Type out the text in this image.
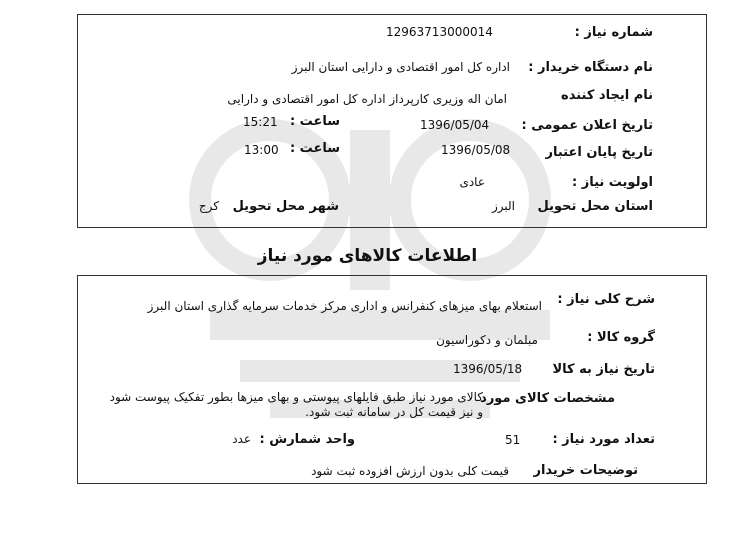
شماره نیاز :
12963713000014
نام دستگاه خریدار :
اداره کل امور اقتصادی و دارایی استان البرز
نام ایجاد کننده
امان اله وزیری کارپرداز اداره کل امور اقتصادی و دارایی
تاریخ اعلان عمومی :
1396/05/04
ساعت :
15:21
تاریخ پایان اعتبار
1396/05/08
ساعت :
13:00
اولویت نیاز :
عادی
استان محل تحویل
البرز
شهر محل تحویل
کرج
اطلاعات کالاهای مورد نیاز
شرح کلی نیاز :
استعلام بهای میزهای کنفرانس و اداری مرکز خدمات سرمایه گذاری استان البرز
گروه کالا :
مبلمان و دکوراسیون
تاریخ نیاز به کالا
1396/05/18
مشخصات کالای مورد
کالای مورد نیاز طبق فایلهای پیوستی و بهای میزها بطور تفکیک پیوست شود و نیز قیمت کل در سامانه ثبت شود.
تعداد مورد نیاز :
51
واحد شمارش :
عدد
توضیحات خریدار
قیمت کلی بدون ارزش افزوده ثبت شود
